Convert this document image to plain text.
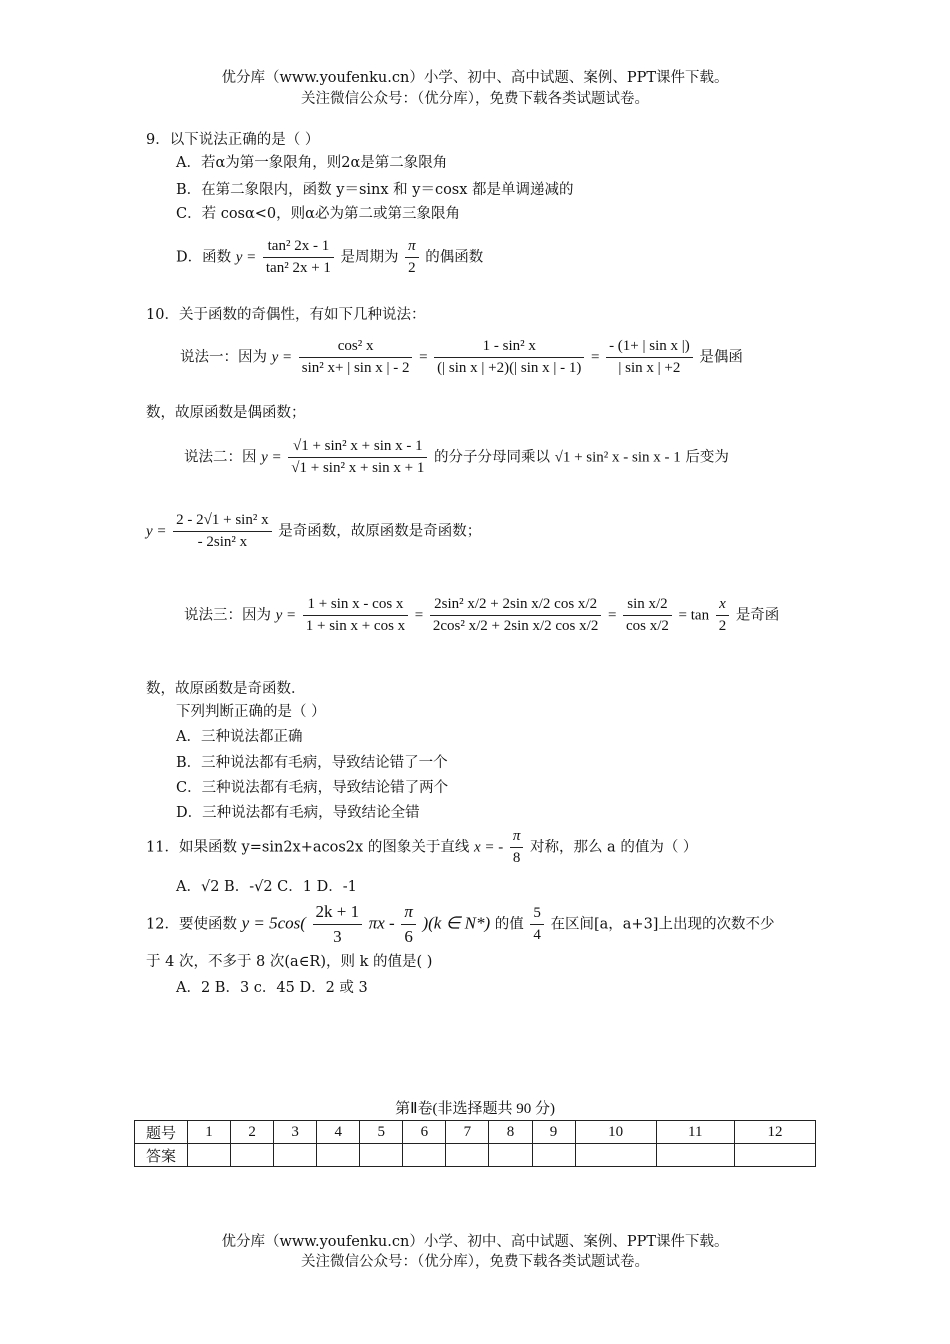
优分库（www.youfenku.cn）小学、初中、高中试题、案例、PPT课件下载。
关注微信公众号：（优分库），免费下载各类试题试卷。
9．以下说法正确的是（ ）
A．若α为第一象限角，则2α是第二象限角
B．在第二象限内，函数 y＝sinx 和 y＝cosx 都是单调递减的
C．若 cosα<0，则α必为第二或第三象限角
D．函数 $y = \frac{\text{tan² 2x - 1}}{\text{tan² 2x + 1}}$ 是周期为 $\frac{\pi}{2}$ 的偶函数
10．关于函数的奇偶性，有如下几种说法：
说法一：因为 $y = \frac{\text{cos² x}}{\text{sin² x+ | sin x | - 2}} = \frac{\text{1 - sin² x}}{\text{(| sin x | +2)(| sin x | - 1)}} = \frac{\text{- (1+ | sin x |)}}{\text{| sin x | +2}}$ 是偶函
数，故原函数是偶函数；
说法二：因 $y = \frac{\text{√1 + sin² x + sin x - 1}}{\text{√1 + sin² x + sin x + 1}}$ 的分子分母同乘以 √1 + sin² x - sin x - 1 后变为
$y = \frac{\text{2 - 2√1 + sin² x}}{\text{- 2sin² x}}$ 是奇函数，故原函数是奇函数；
说法三：因为 $y = \frac{\text{1 + sin x - cos x}}{\text{1 + sin x + cos x}} = \frac{\text{2sin² x/2 + 2sin x/2 cos x/2}}{\text{2cos² x/2 + 2sin x/2 cos x/2}} = \frac{\text{sin x/2}}{\text{cos x/2}} = \tan \frac{x}{2}$ 是奇函
数，故原函数是奇函数．
下列判断正确的是（ ）
A．三种说法都正确
B．三种说法都有毛病，导致结论错了一个
C．三种说法都有毛病，导致结论错了两个
D．三种说法都有毛病，导致结论全错
11．如果函数 y=sin2x+acos2x 的图象关于直线 x = - $\frac{\pi}{8}$ 对称，那么 a 的值为（ ）
A．√2 B．-√2 C．1 D．-1
12．要使函数 $y = 5\cos( \frac{2k + 1}{3}$ πx - $\frac{\pi}{6} )(k$ ∈ N*) 的值 $\frac{5}{4}$ 在区间[a，a+3]上出现的次数不少
于 4 次，不多于 8 次(a∈R)，则 k 的值是( )
A．2 B．3 c．45 D．2 或 3
第Ⅱ卷(非选择题共 90 分)
题号	1	2	3	4	5	6	7	8	9	10	11	12
答案												
优分库（www.youfenku.cn）小学、初中、高中试题、案例、PPT课件下载。
关注微信公众号：（优分库），免费下载各类试题试卷。
